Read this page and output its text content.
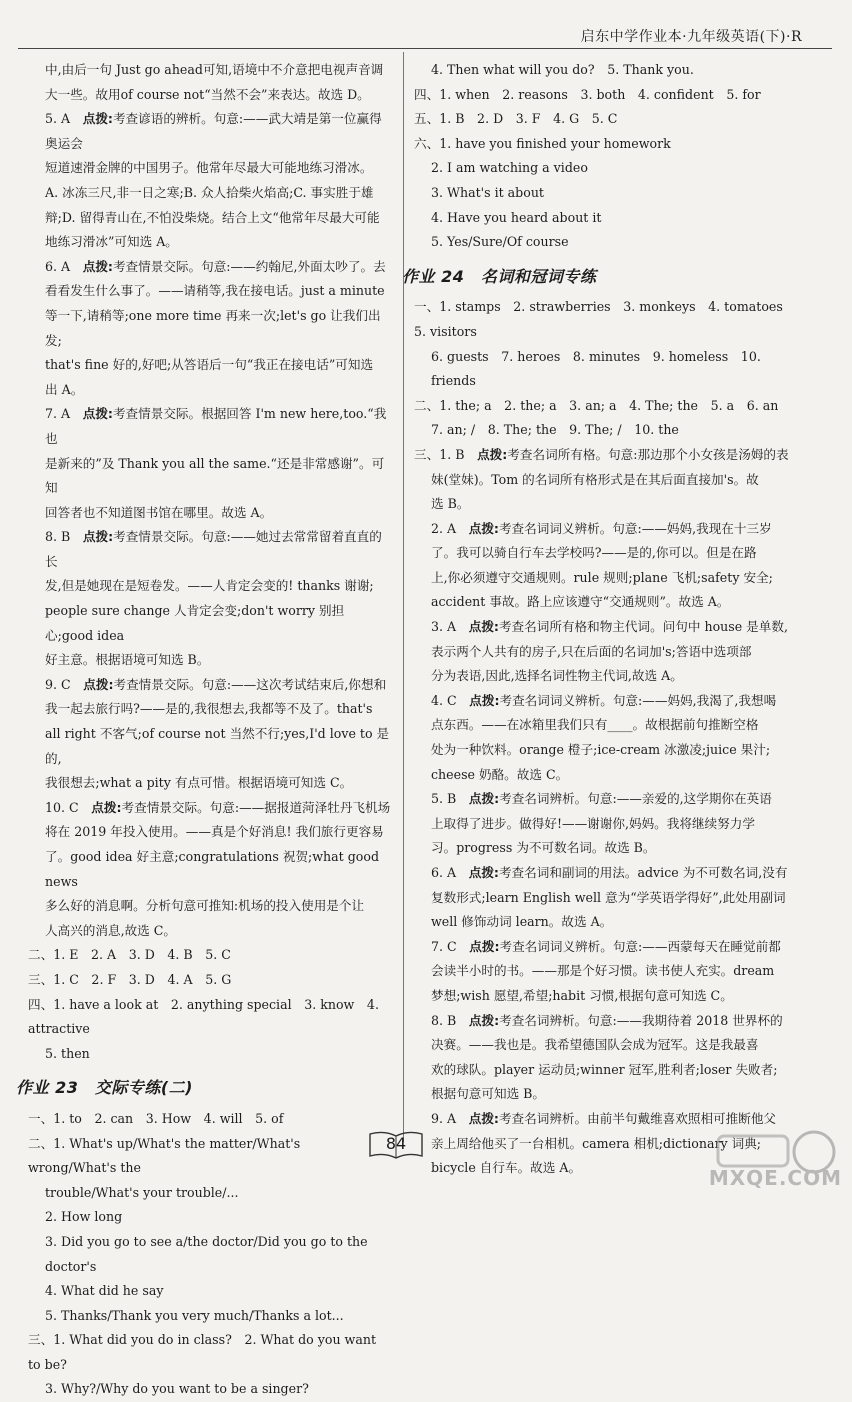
启东中学作业本·九年级英语(下)·R
中,由后一句 Just go ahead可知,语境中不介意把电视声音调
大一些。故用of course not“当然不会”来表达。故选 D。
5. A　点拨:考查谚语的辨析。句意:——武大靖是第一位赢得奥运会
短道速滑金牌的中国男子。他常年尽最大可能地练习滑冰。
A. 冰冻三尺,非一日之寒;B. 众人拾柴火焰高;C. 事实胜于雄
辩;D. 留得青山在,不怕没柴烧。结合上文“他常年尽最大可能
地练习滑冰”可知选 A。
6. A　点拨:考查情景交际。句意:——约翰尼,外面太吵了。去
看看发生什么事了。——请稍等,我在接电话。just a minute
等一下,请稍等;one more time 再来一次;let's go 让我们出发;
that's fine 好的,好吧;从答语后一句“我正在接电话”可知选
出 A。
7. A　点拨:考查情景交际。根据回答 I'm new here,too.“我也
是新来的”及 Thank you all the same.“还是非常感谢”。可知
回答者也不知道图书馆在哪里。故选 A。
8. B　点拨:考查情景交际。句意:——她过去常常留着直直的长
发,但是她现在是短卷发。——人肯定会变的! thanks 谢谢;
people sure change 人肯定会变;don't worry 别担心;good idea
好主意。根据语境可知选 B。
9. C　点拨:考查情景交际。句意:——这次考试结束后,你想和
我一起去旅行吗?——是的,我很想去,我都等不及了。that's
all right 不客气;of course not 当然不行;yes,I'd love to 是的,
我很想去;what a pity 有点可惜。根据语境可知选 C。
10. C　点拨:考查情景交际。句意:——据报道菏泽牡丹飞机场
将在 2019 年投入使用。——真是个好消息! 我们旅行更容易
了。good idea 好主意;congratulations 祝贺;what good news
多么好的消息啊。分析句意可推知:机场的投入使用是个让
人高兴的消息,故选 C。
二、1. E　2. A　3. D　4. B　5. C
三、1. C　2. F　3. D　4. A　5. G
四、1. have a look at　2. anything special　3. know　4. attractive
5. then
作业 23　交际专练(二)
一、1. to　2. can　3. How　4. will　5. of
二、1. What's up/What's the matter/What's wrong/What's the
trouble/What's your trouble/...
2. How long
3. Did you go to see a/the doctor/Did you go to the doctor's
4. What did he say
5. Thanks/Thank you very much/Thanks a lot...
三、1. What did you do in class?　2. What do you want to be?
3. Why?/Why do you want to be a singer?
4. Then what will you do?　5. Thank you.
四、1. when　2. reasons　3. both　4. confident　5. for
五、1. B　2. D　3. F　4. G　5. C
六、1. have you finished your homework
2. I am watching a video
3. What's it about
4. Have you heard about it
5. Yes/Sure/Of course
作业 24　名词和冠词专练
一、1. stamps　2. strawberries　3. monkeys　4. tomatoes　5. visitors
6. guests　7. heroes　8. minutes　9. homeless　10. friends
二、1. the; a　2. the; a　3. an; a　4. The; the　5. a　6. an
7. an; /　8. The; the　9. The; /　10. the
三、1. B　点拨:考查名词所有格。句意:那边那个小女孩是汤姆的表
妹(堂妹)。Tom 的名词所有格形式是在其后面直接加's。故
选 B。
2. A　点拨:考查名词词义辨析。句意:——妈妈,我现在十三岁
了。我可以骑自行车去学校吗?——是的,你可以。但是在路
上,你必须遵守交通规则。rule 规则;plane 飞机;safety 安全;
accident 事故。路上应该遵守“交通规则”。故选 A。
3. A　点拨:考查名词所有格和物主代词。问句中 house 是单数,
表示两个人共有的房子,只在后面的名词加's;答语中选项部
分为表语,因此,选择名词性物主代词,故选 A。
4. C　点拨:考查名词词义辨析。句意:——妈妈,我渴了,我想喝
点东西。——在冰箱里我们只有____。故根据前句推断空格
处为一种饮料。orange 橙子;ice-cream 冰激凌;juice 果汁;
cheese 奶酪。故选 C。
5. B　点拨:考查名词辨析。句意:——亲爱的,这学期你在英语
上取得了进步。做得好!——谢谢你,妈妈。我将继续努力学
习。progress 为不可数名词。故选 B。
6. A　点拨:考查名词和副词的用法。advice 为不可数名词,没有
复数形式;learn English well 意为“学英语学得好”,此处用副词
well 修饰动词 learn。故选 A。
7. C　点拨:考查名词词义辨析。句意:——西蒙每天在睡觉前都
会读半小时的书。——那是个好习惯。读书使人充实。dream
梦想;wish 愿望,希望;habit 习惯,根据句意可知选 C。
8. B　点拨:考查名词辨析。句意:——我期待着 2018 世界杯的
决赛。——我也是。我希望德国队会成为冠军。这是我最喜
欢的球队。player 运动员;winner 冠军,胜利者;loser 失败者;
根据句意可知选 B。
9. A　点拨:考查名词辨析。由前半句戴维喜欢照相可推断他父
亲上周给他买了一台相机。camera 相机;dictionary 词典;
bicycle 自行车。故选 A。
84
MXQE.COM
